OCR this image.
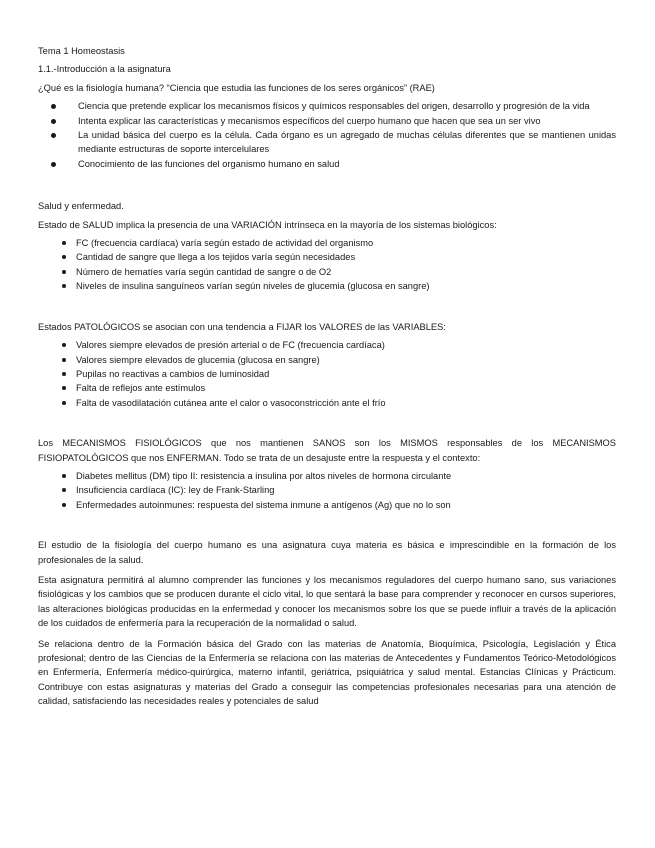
Tema 1 Homeostasis

1.1.-Introducción a la asignatura

¿Qué es la fisiología humana? “Ciencia que estudia las funciones de los seres orgánicos” (RAE)

Ciencia que pretende explicar los mecanismos físicos y químicos responsables del origen, desarrollo y progresión de la vida
Intenta explicar las características y mecanismos específicos del cuerpo humano que hacen que sea un ser vivo
La unidad básica del cuerpo es la célula. Cada órgano es un agregado de muchas células diferentes que se mantienen unidas mediante estructuras de soporte intercelulares
Conocimiento de las funciones del organismo humano en salud

Salud y enfermedad.

Estado de SALUD implica la presencia de una VARIACIÓN intrínseca en la mayoría de los sistemas biológicos:

FC (frecuencia cardíaca) varía según estado de actividad del organismo
Cantidad de sangre que llega a los tejidos varía según necesidades
Número de hematíes varía según cantidad de sangre o de O2
Niveles de insulina sanguíneos varían según niveles de glucemia (glucosa en sangre)

Estados PATOLÓGICOS se asocian con una tendencia a FIJAR los VALORES de las VARIABLES:

Valores siempre elevados de presión arterial o de FC (frecuencia cardíaca)
Valores siempre elevados de glucemia (glucosa en sangre)
Pupilas no reactivas a cambios de luminosidad
Falta de reflejos ante estímulos
Falta de vasodilatación cutánea ante el calor o vasoconstricción ante el frío

Los MECANISMOS FISIOLÓGICOS que nos mantienen SANOS son los MISMOS responsables de los MECANISMOS FISIOPATOLÓGICOS que nos ENFERMAN. Todo se trata de un desajuste entre la respuesta y el contexto:

Diabetes mellitus (DM) tipo II: resistencia a insulina por altos niveles de hormona circulante
Insuficiencia cardíaca (IC): ley de Frank-Starling
Enfermedades autoinmunes: respuesta del sistema inmune a antígenos (Ag) que no lo son

El estudio de la fisiología del cuerpo humano es una asignatura cuya materia es básica e imprescindible en la formación de los profesionales de la salud.

Esta asignatura permitirá al alumno comprender las funciones y los mecanismos reguladores del cuerpo humano sano, sus variaciones fisiológicas y los cambios que se producen durante el ciclo vital, lo que sentará la base para comprender y reconocer en cursos superiores, las alteraciones biológicas producidas en la enfermedad y conocer los mecanismos sobre los que se puede influir a través de la aplicación de los cuidados de enfermería para la recuperación de la normalidad o salud.

Se relaciona dentro de la Formación básica del Grado con las materias de Anatomía, Bioquímica, Psicología, Legislación y Ética profesional; dentro de las Ciencias de la Enfermería se relaciona con las materias de Antecedentes y Fundamentos Teórico-Metodológicos en Enfermería, Enfermería médico-quirúrgica, materno infantil, geriátrica, psiquiátrica y salud mental. Estancias Clínicas y Prácticum. Contribuye con estas asignaturas y materias del Grado a conseguir las competencias profesionales necesarias para una atención de calidad, satisfaciendo las necesidades reales y potenciales de salud
